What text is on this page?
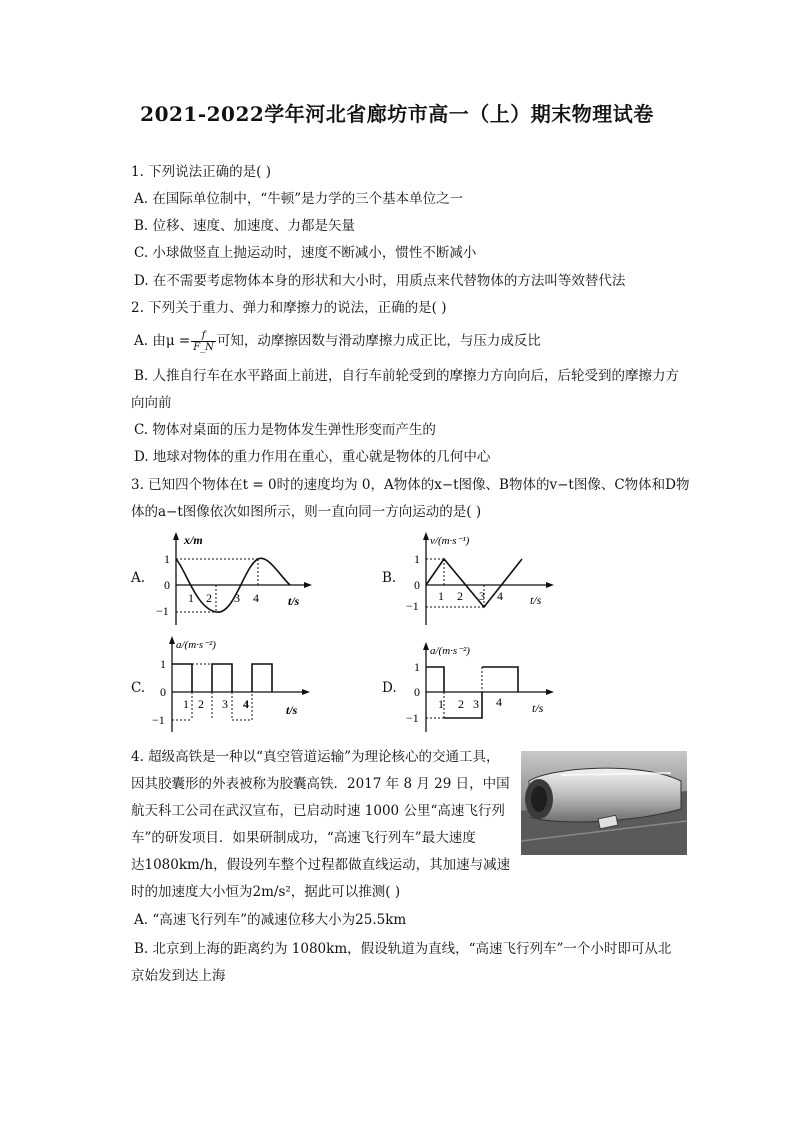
2021-2022学年河北省廊坊市高一（上）期末物理试卷
1. 下列说法正确的是( )
A. 在国际单位制中，“牛顿”是力学的三个基本单位之一
B. 位移、速度、加速度、力都是矢量
C. 小球做竖直上抛运动时，速度不断减小，惯性不断减小
D. 在不需要考虑物体本身的形状和大小时，用质点来代替物体的方法叫等效替代法
2. 下列关于重力、弹力和摩擦力的说法，正确的是( )
A. 由$\mu = \frac{f}{F\_N}$ 可知，动摩擦因数与滑动摩擦力成正比，与压力成反比
B. 人推自行车在水平路面上前进，自行车前轮受到的摩擦力方向向后，后轮受到的摩擦力方
向向前
C. 物体对桌面的压力是物体发生弹性形变而产生的
D. 地球对物体的重力作用在重心，重心就是物体的几何中心
3. 已知四个物体在t = 0时的速度均为 0，A物体的x−t图像、B物体的v−t图像、C物体和D物
体的a−t图像依次如图所示，则一直向同一方向运动的是( )
A.
x/m
t/s
1
0
−1
1 2 3 4
B.
v/(m·s⁻¹)
t/s
1
0
−1
1 2 3 4
C.
a/(m·s⁻²)
t/s
1
0
−1
1 2 3 4
D.
a/(m·s⁻²)
t/s
1
0
−1
1 2 3 4
4. 超级高铁是一种以“真空管道运输”为理论核心的交通工具，
因其胶囊形的外表被称为胶囊高铁．2017 年 8 月 29 日，中国
航天科工公司在武汉宣布，已启动时速 1000 公里“高速飞行列
车”的研发项目．如果研制成功，“高速飞行列车”最大速度
达1080km/h，假设列车整个过程都做直线运动，其加速与减速
时的加速度大小恒为2m/s²，据此可以推测( )
A. “高速飞行列车”的减速位移大小为25.5km
B. 北京到上海的距离约为 1080km，假设轨道为直线，“高速飞行列车”一个小时即可从北
京始发到达上海
